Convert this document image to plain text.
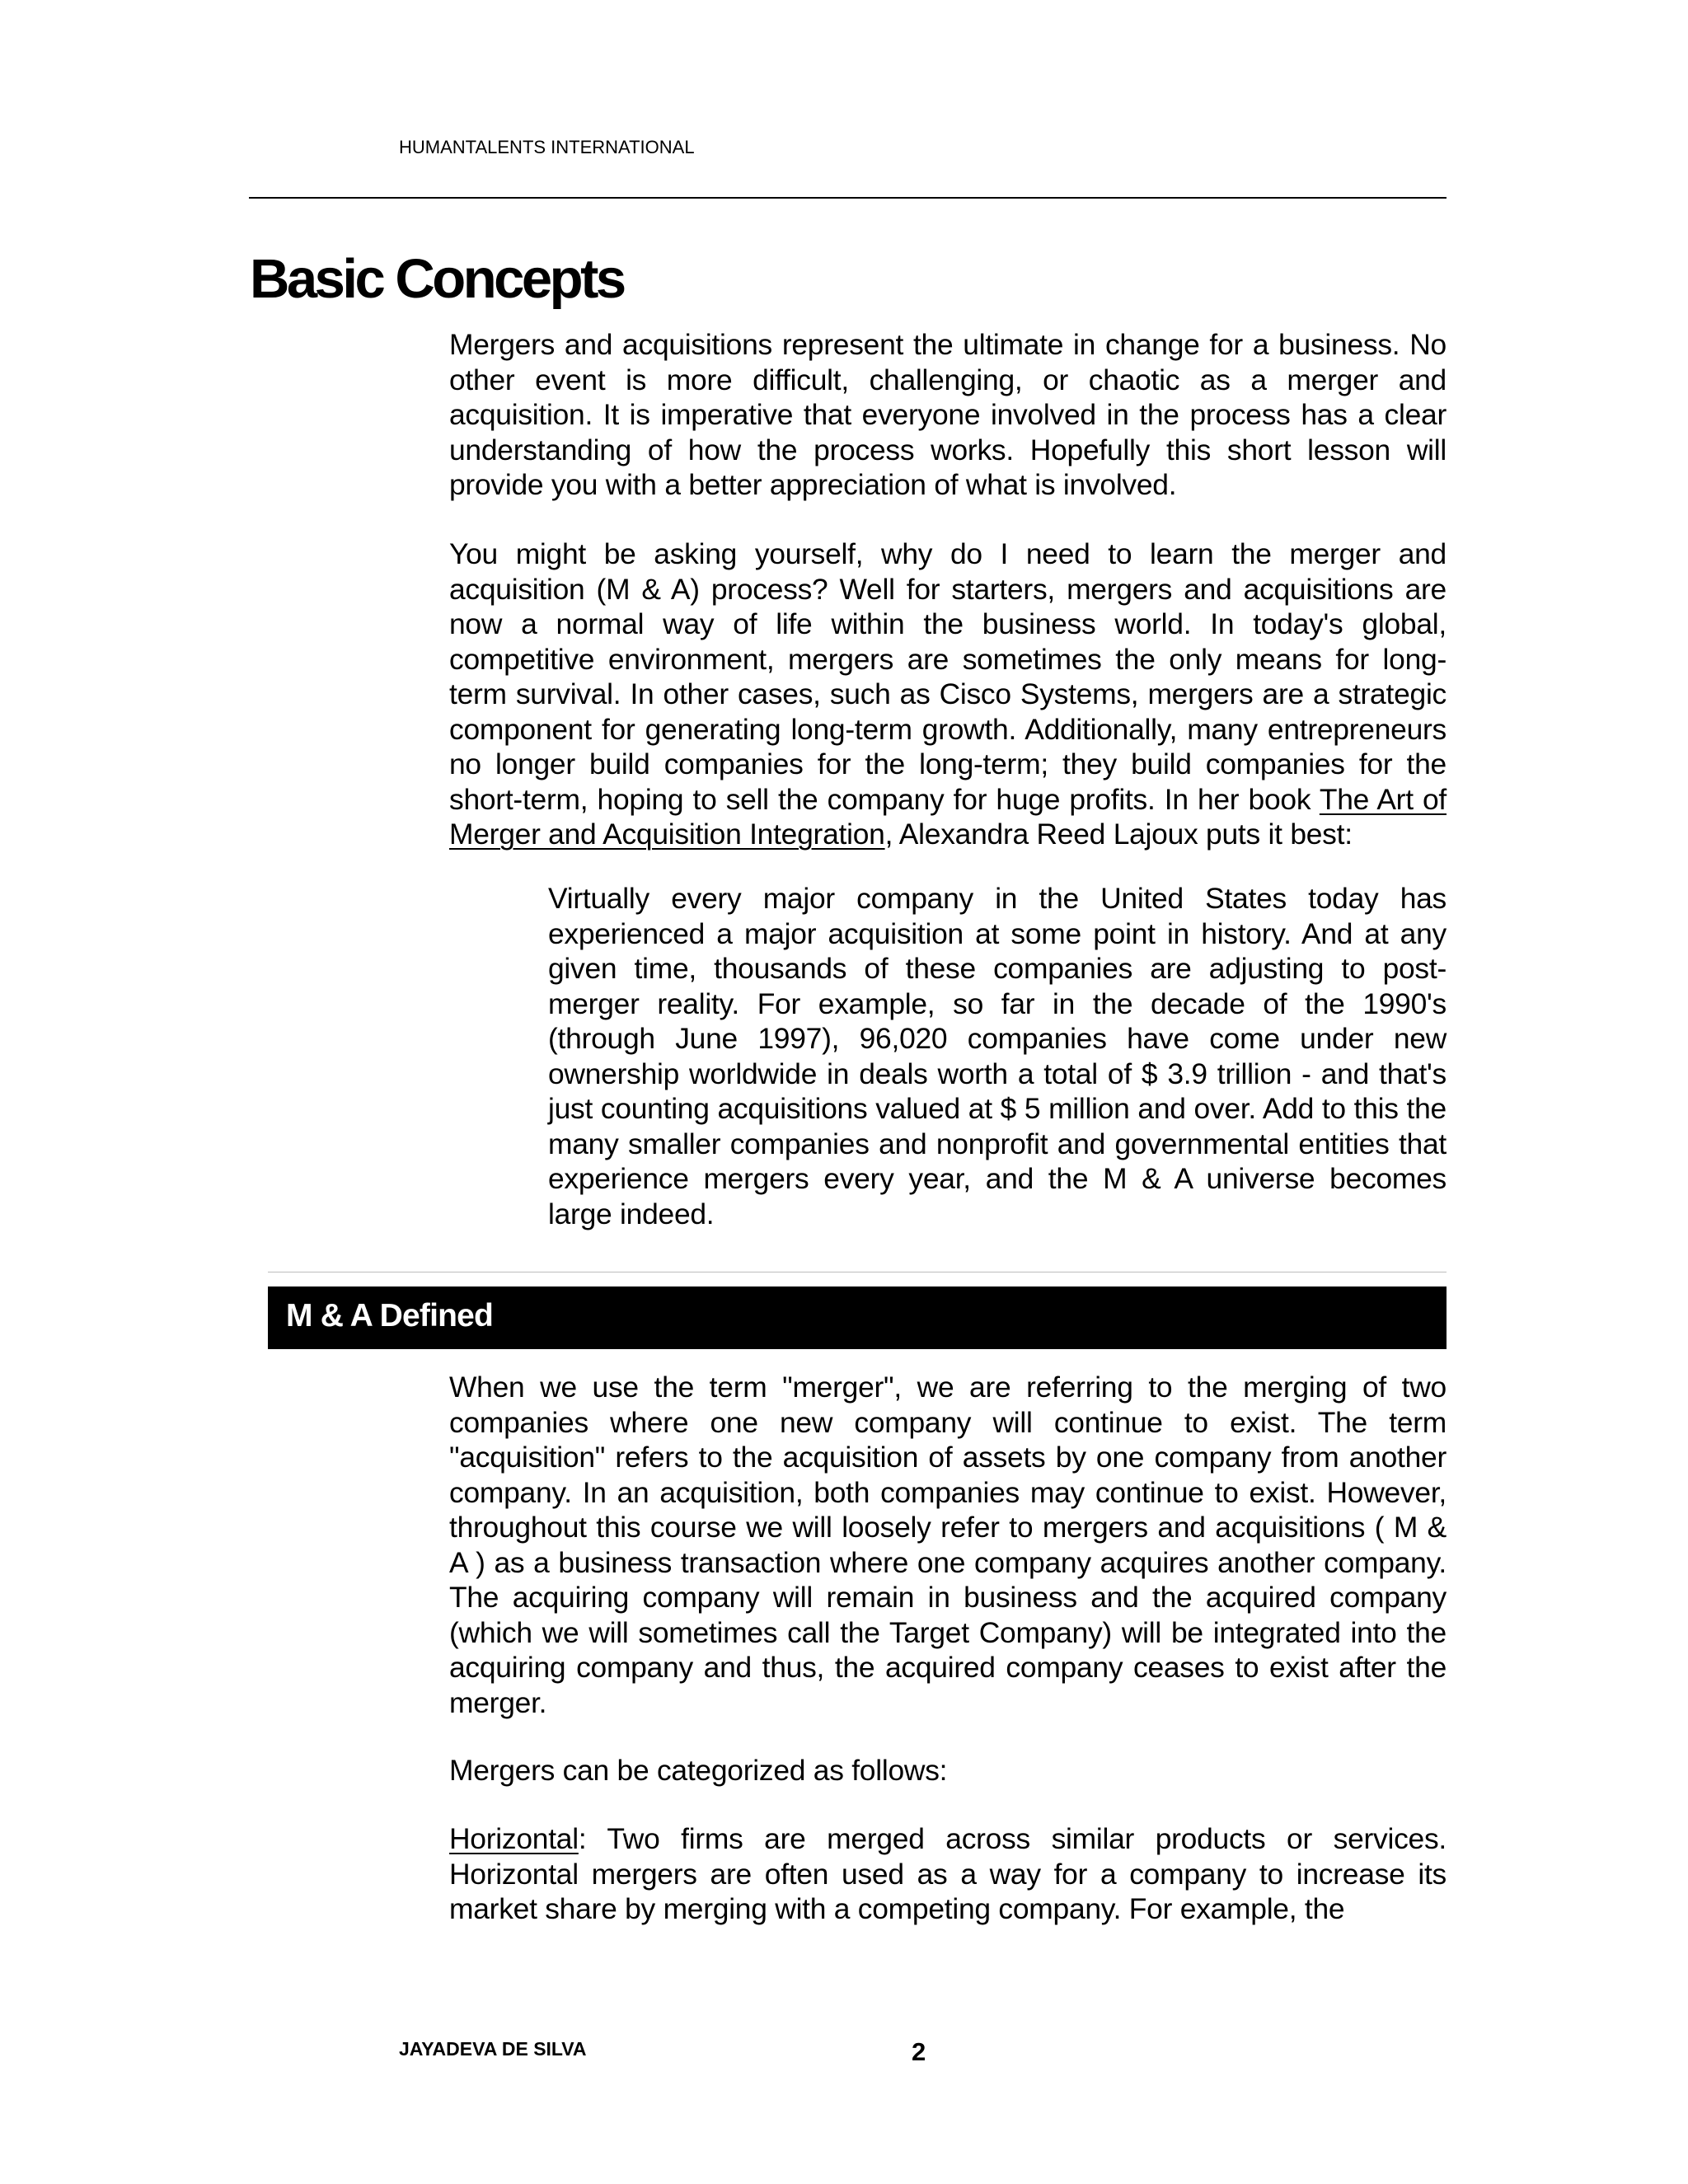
HUMANTALENTS INTERNATIONAL
Basic Concepts

Mergers and acquisitions represent the ultimate in change for a business. No other event is more difficult, challenging, or chaotic as a merger and acquisition. It is imperative that everyone involved in the process has a clear understanding of how the process works. Hopefully this short lesson will provide you with a better appreciation of what is involved.

You might be asking yourself, why do I need to learn the merger and acquisition (M & A) process? Well for starters, mergers and acquisitions are now a normal way of life within the business world. In today's global, competitive environment, mergers are sometimes the only means for long-term survival. In other cases, such as Cisco Systems, mergers are a strategic component for generating long-term growth. Additionally, many entrepreneurs no longer build companies for the long-term; they build companies for the short-term, hoping to sell the company for huge profits. In her book The Art of Merger and Acquisition Integration, Alexandra Reed Lajoux puts it best:

Virtually every major company in the United States today has experienced a major acquisition at some point in history. And at any given time, thousands of these companies are adjusting to post-merger reality. For example, so far in the decade of the 1990's (through June 1997), 96,020 companies have come under new ownership worldwide in deals worth a total of $ 3.9 trillion - and that's just counting acquisitions valued at $ 5 million and over. Add to this the many smaller companies and nonprofit and governmental entities that experience mergers every year, and the M & A universe becomes large indeed.

M & A Defined

When we use the term "merger", we are referring to the merging of two companies where one new company will continue to exist. The term "acquisition" refers to the acquisition of assets by one company from another company. In an acquisition, both companies may continue to exist. However, throughout this course we will loosely refer to mergers and acquisitions ( M & A ) as a business transaction where one company acquires another company. The acquiring company will remain in business and the acquired company (which we will sometimes call the Target Company) will be integrated into the acquiring company and thus, the acquired company ceases to exist after the merger.

Mergers can be categorized as follows:

Horizontal: Two firms are merged across similar products or services. Horizontal mergers are often used as a way for a company to increase its market share by merging with a competing company. For example, the

JAYADEVA DE SILVA	2
